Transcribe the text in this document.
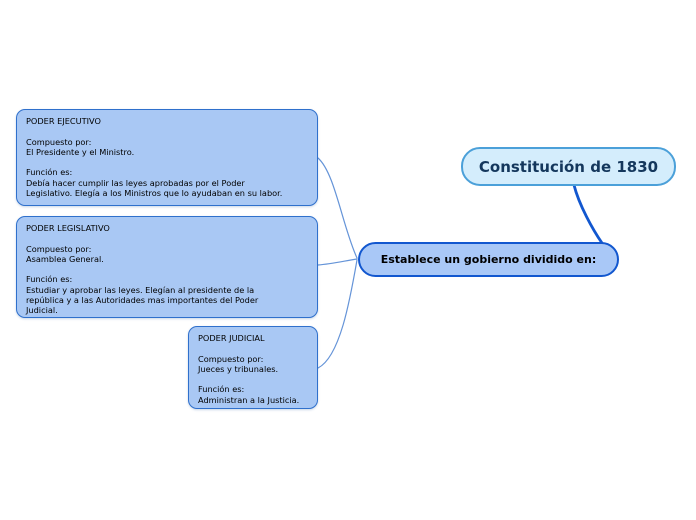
PODER EJECUTIVO
Compuesto por:
El Presidente y el Ministro.
Función es:
Debía hacer cumplir las leyes aprobadas por el Poder
Legislativo. Elegía a los Ministros que lo ayudaban en su labor.
PODER LEGISLATIVO
Compuesto por:
Asamblea General.
Función es:
Estudiar y aprobar las leyes. Elegían al presidente de la
república y a las Autoridades mas importantes del Poder
Judicial.
PODER JUDICIAL
Compuesto por:
Jueces y tribunales.
Función es:
Administran a la Justicia.
Establece un gobierno dividido en:
Constitución de 1830
